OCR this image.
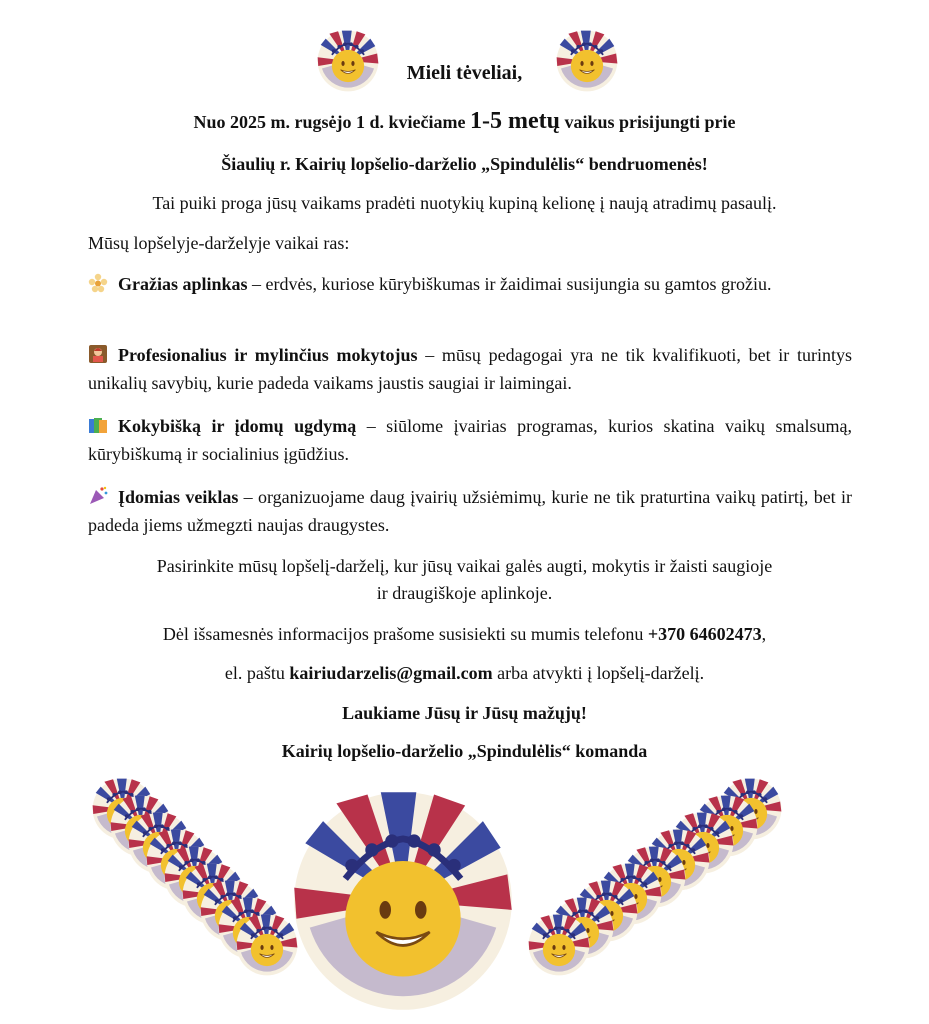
Mieli tėveliai,
Nuo 2025 m. rugsėjo 1 d. kviečiame 1-5 metų vaikus prisijungti prie
Šiaulių r. Kairių lopšelio-darželio „Spindulėlis“ bendruomenės!
Tai puiki proga jūsų vaikams pradėti nuotykių kupiną kelionę į naują atradimų pasaulį.
Mūsų lopšelyje-darželyje vaikai ras:
Gražias aplinkas – erdvės, kuriose kūrybiškumas ir žaidimai susijungia su gamtos grožiu.
Profesionalius ir mylinčius mokytojus – mūsų pedagogai yra ne tik kvalifikuoti, bet ir turintys unikalių savybių, kurie padeda vaikams jaustis saugiai ir laimingai.
Kokybišką ir įdomų ugdymą – siūlome įvairias programas, kurios skatina vaikų smalsumą, kūrybiškumą ir socialinius įgūdžius.
Įdomias veiklas – organizuojame daug įvairių užsiėmimų, kurie ne tik praturtina vaikų patirtį, bet ir padeda jiems užmegzti naujas draugystes.
Pasirinkite mūsų lopšelį-darželį, kur jūsų vaikai galės augti, mokytis ir žaisti saugioje
ir draugiškoje aplinkoje.
Dėl išsamesnės informacijos prašome susisiekti su mumis telefonu +370 64602473,
el. paštu kairiudarzelis@gmail.com arba atvykti į lopšelį-darželį.
Laukiame Jūsų ir Jūsų mažųjų!
Kairių lopšelio-darželio „Spindulėlis“ komanda
